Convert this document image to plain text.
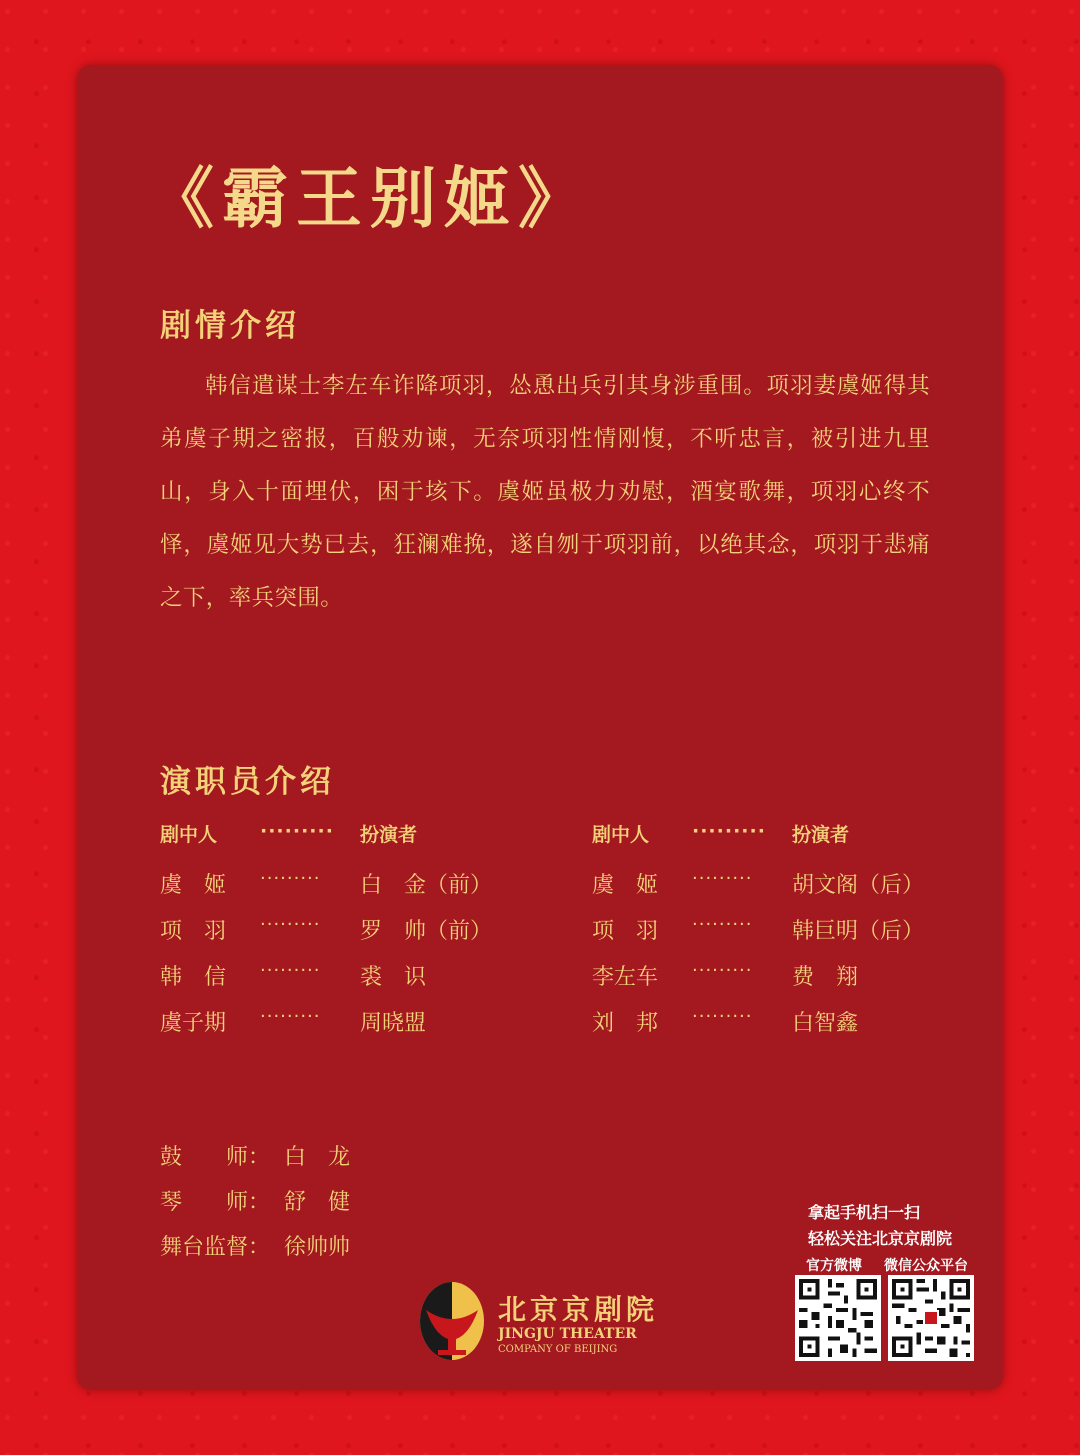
《霸王别姬》
剧情介绍

韩信遣谋士李左车诈降项羽，怂恿出兵引其身涉重围。项羽妻虞姬得其弟虞子期之密报，百般劝谏，无奈项羽性情刚愎，不听忠言，被引进九里山，身入十面埋伏，困于垓下。虞姬虽极力劝慰，酒宴歌舞，项羽心终不怿，虞姬见大势已去，狂澜难挽，遂自刎于项羽前，以绝其念，项羽于悲痛之下，率兵突围。

演职员介绍
剧中人 ········· 扮演者
虞　姬 ········· 白　金（前）
项　羽 ········· 罗　帅（前）
韩　信 ········· 裘　识
虞子期 ········· 周晓盟
剧中人 ········· 扮演者
虞　姬 ········· 胡文阁（后）
项　羽 ········· 韩巨明（后）
李左车 ········· 费　翔
刘　邦 ········· 白智鑫
鼓　　师： 白　龙
琴　　师： 舒　健
舞台监督： 徐帅帅
北京京剧院
JINGJU THEATER
COMPANY OF BEIJING
拿起手机扫一扫
轻松关注北京京剧院
官方微博 微信公众平台
